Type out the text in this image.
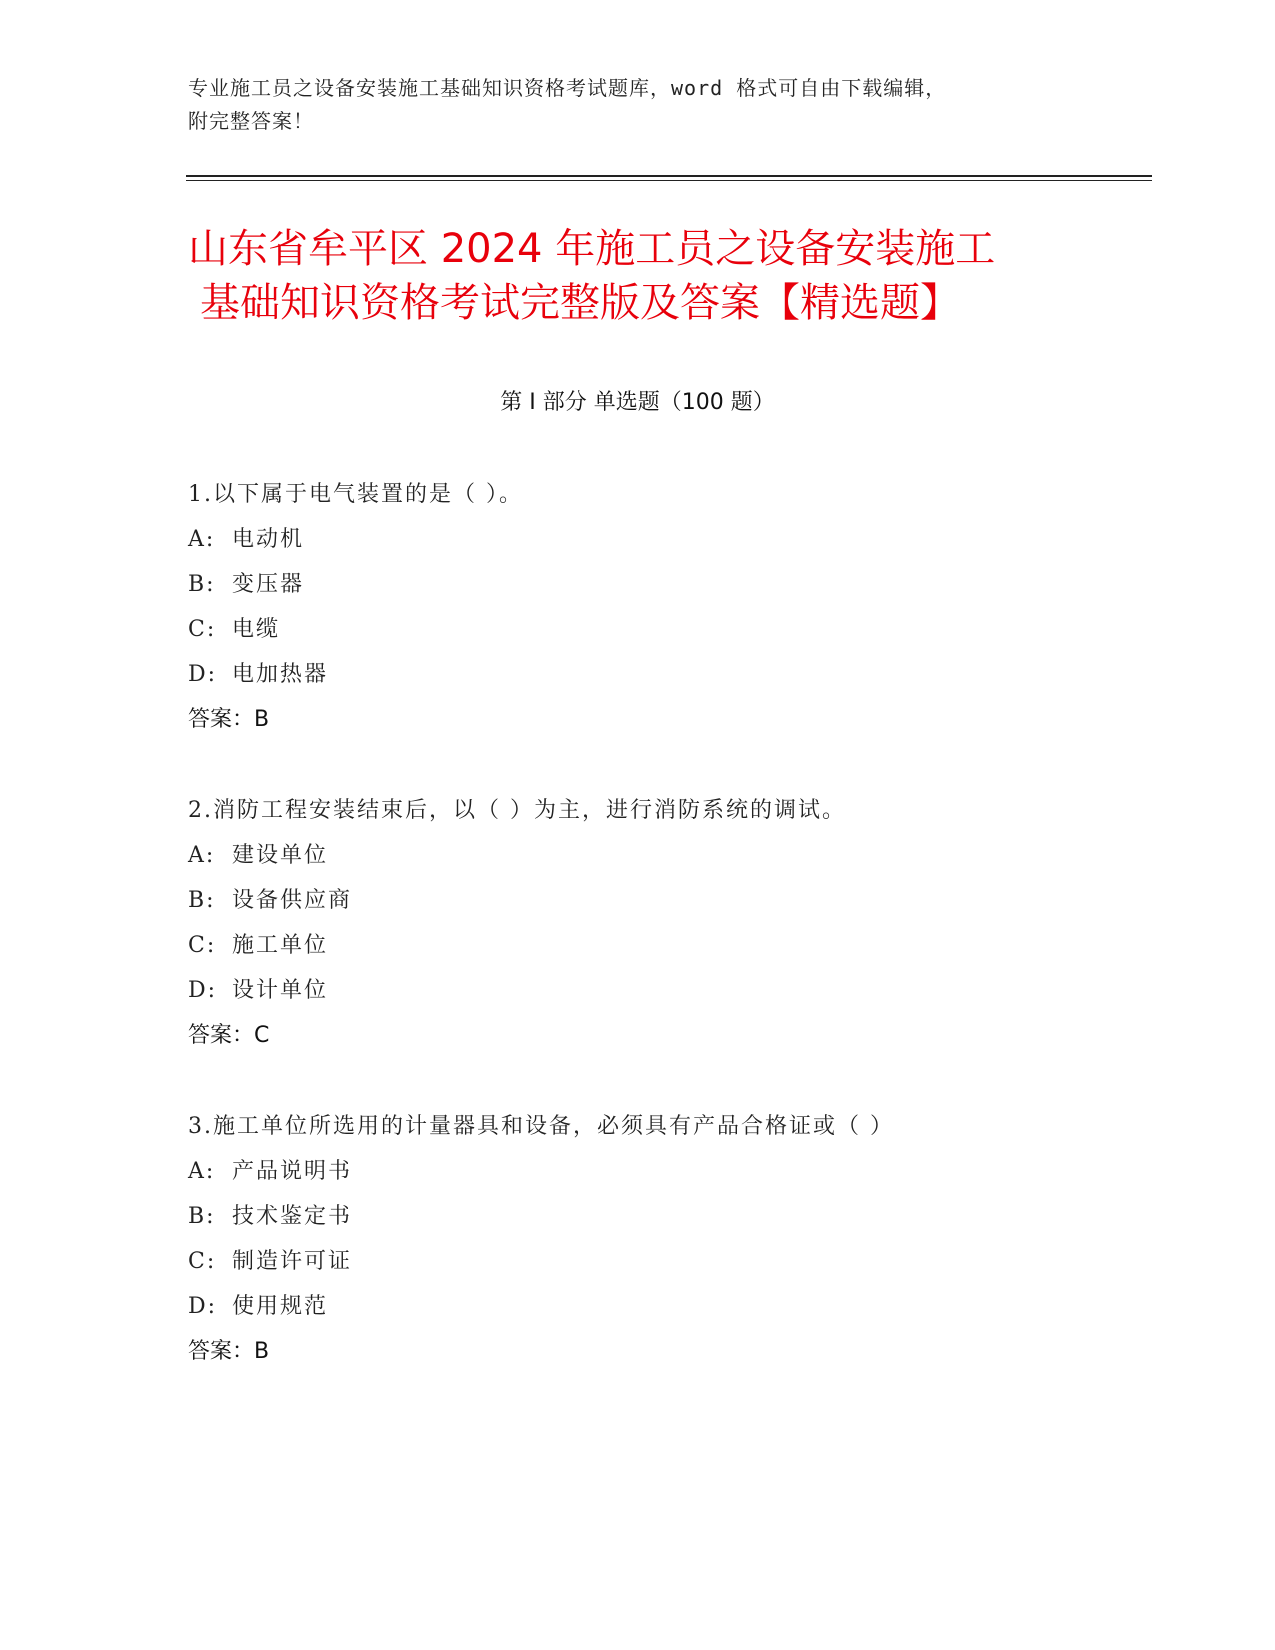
专业施工员之设备安装施工基础知识资格考试题库，word 格式可自由下载编辑，
附完整答案！
山东省牟平区 2024 年施工员之设备安装施工
基础知识资格考试完整版及答案【精选题】
第 I 部分 单选题（100 题）
1.以下属于电气装置的是（ ）。
A: 电动机
B: 变压器
C: 电缆
D: 电加热器
答案：B
2.消防工程安装结束后，以（ ）为主，进行消防系统的调试。
A: 建设单位
B: 设备供应商
C: 施工单位
D: 设计单位
答案：C
3.施工单位所选用的计量器具和设备，必须具有产品合格证或（ ）
A: 产品说明书
B: 技术鉴定书
C: 制造许可证
D: 使用规范
答案：B
